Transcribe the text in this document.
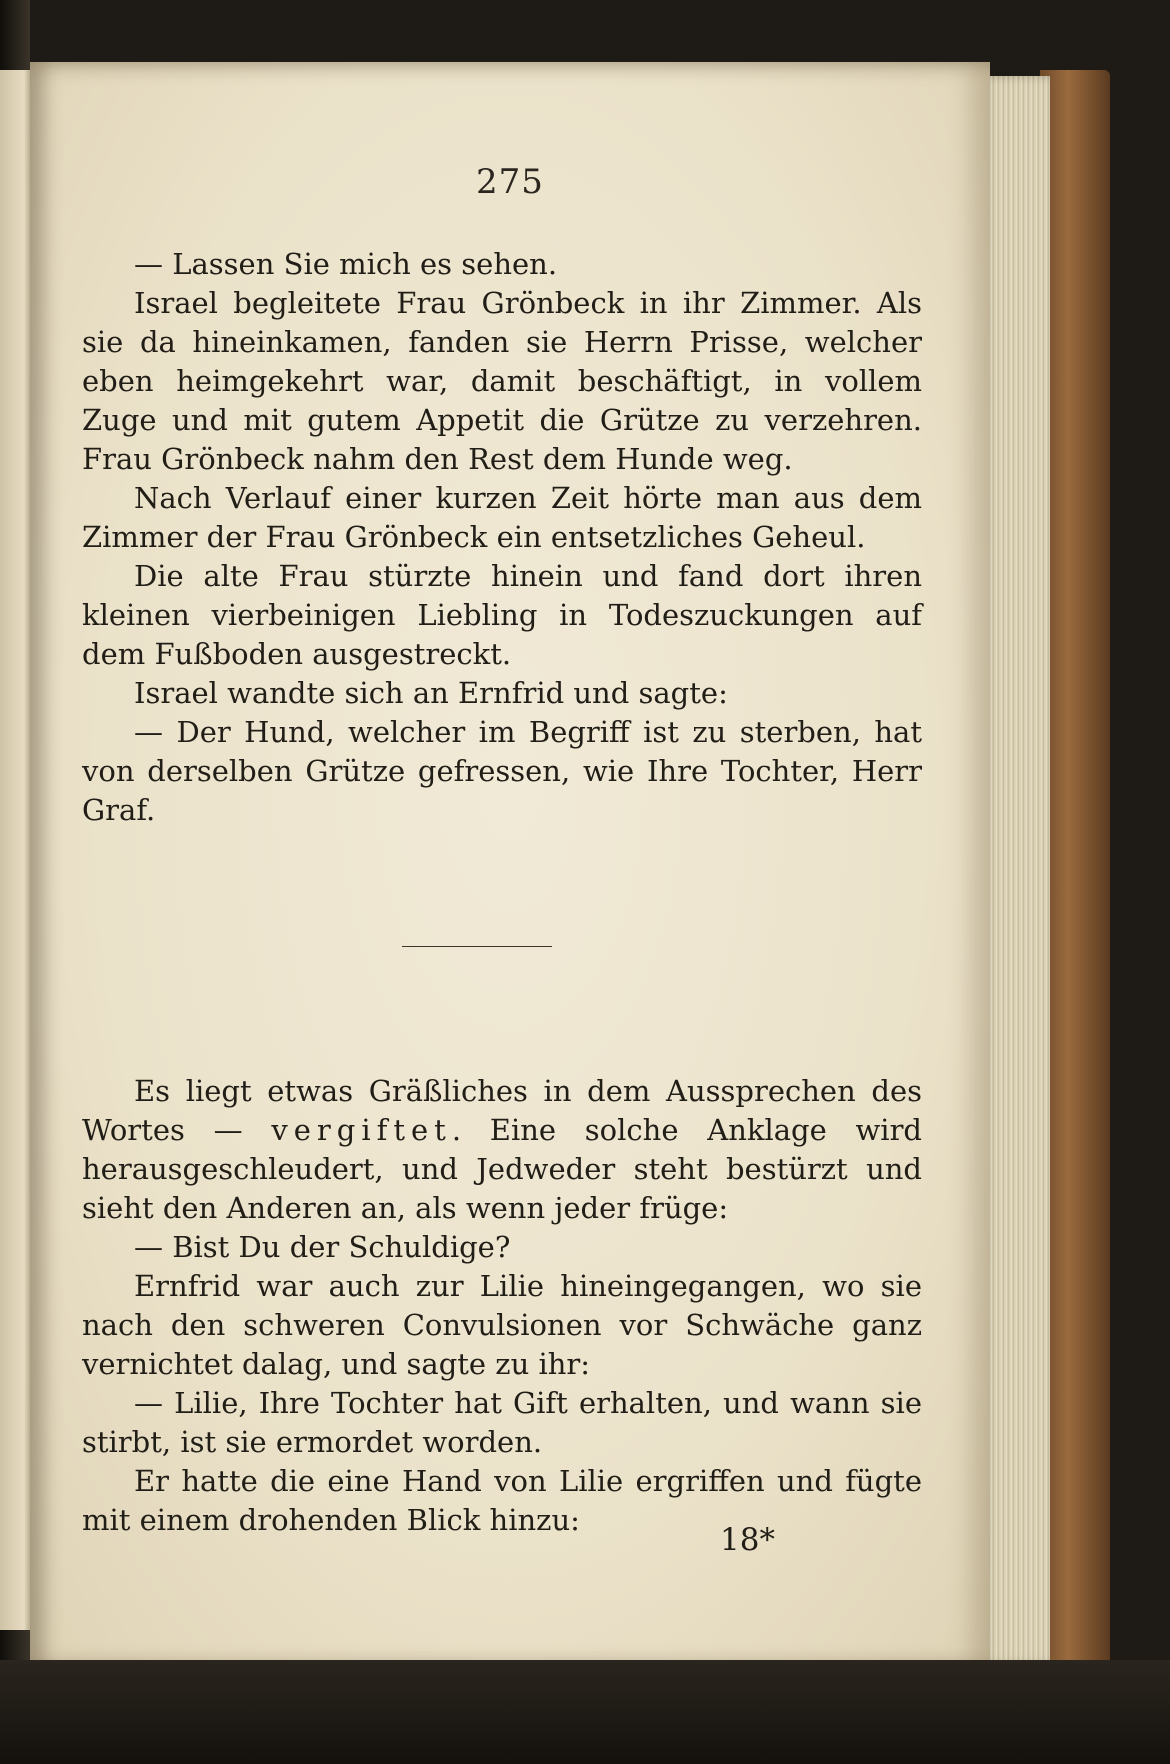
275

— Lassen Sie mich es sehen.

Israel begleitete Frau Grönbeck in ihr Zimmer. Als sie da hineinkamen, fanden sie Herrn Prisse, welcher eben heimgekehrt war, damit beschäftigt, in vollem Zuge und mit gutem Appetit die Grütze zu verzehren. Frau Grönbeck nahm den Rest dem Hunde weg.

Nach Verlauf einer kurzen Zeit hörte man aus dem Zimmer der Frau Grönbeck ein entsetzliches Geheul.

Die alte Frau stürzte hinein und fand dort ihren kleinen vierbeinigen Liebling in Todeszuckungen auf dem Fußboden ausgestreckt.

Israel wandte sich an Ernfrid und sagte:

— Der Hund, welcher im Begriff ist zu sterben, hat von derselben Grütze gefressen, wie Ihre Tochter, Herr Graf.

Es liegt etwas Gräßliches in dem Aussprechen des Wortes — vergiftet. Eine solche Anklage wird herausgeschleudert, und Jedweder steht bestürzt und sieht den Anderen an, als wenn jeder früge:

— Bist Du der Schuldige?

Ernfrid war auch zur Lilie hineingegangen, wo sie nach den schweren Convulsionen vor Schwäche ganz vernichtet dalag, und sagte zu ihr:

— Lilie, Ihre Tochter hat Gift erhalten, und wann sie stirbt, ist sie ermordet worden.

Er hatte die eine Hand von Lilie ergriffen und fügte mit einem drohenden Blick hinzu:

18*
